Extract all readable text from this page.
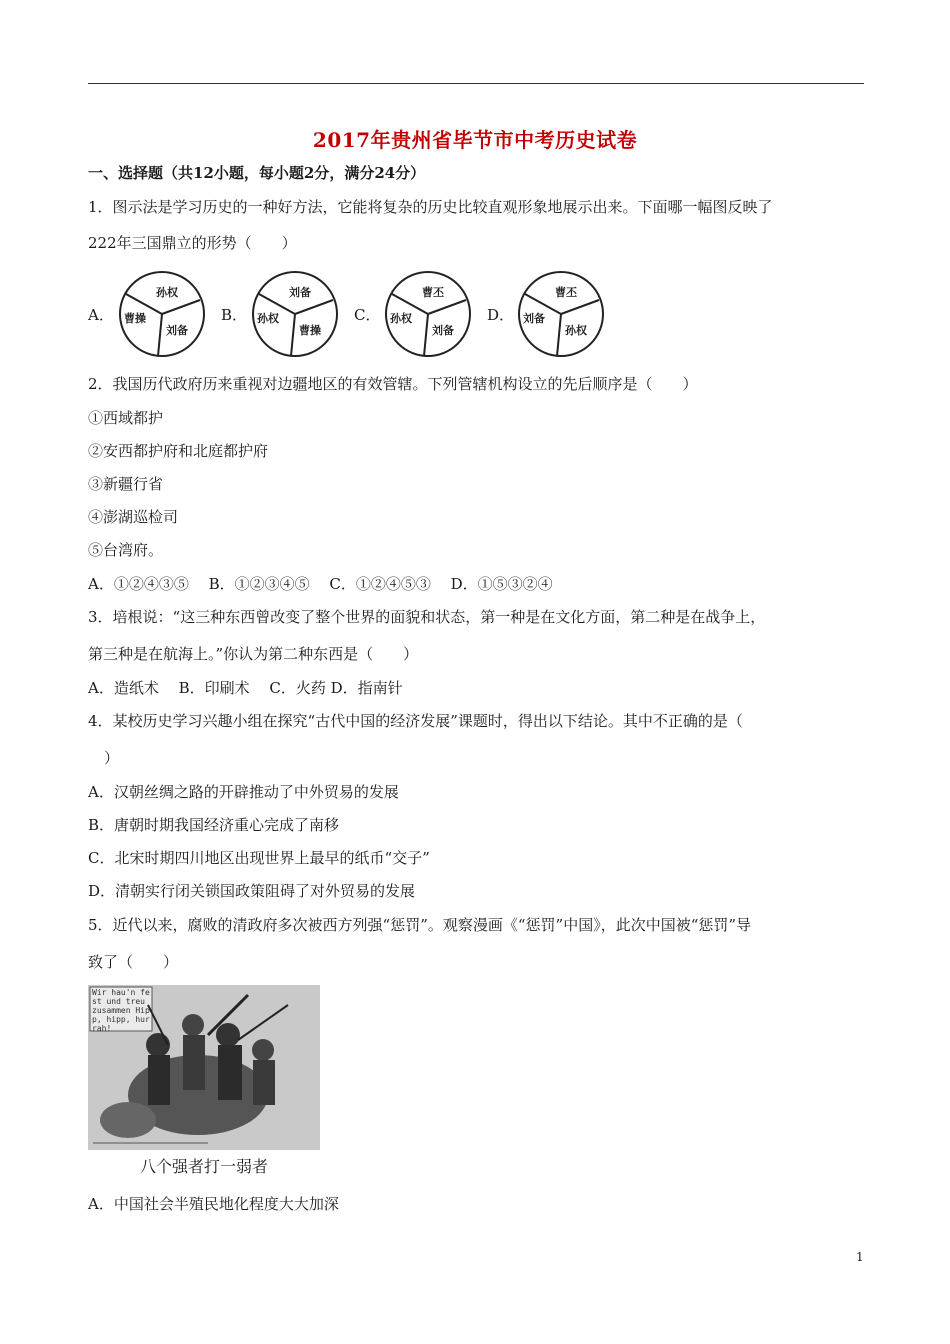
2017年贵州省毕节市中考历史试卷
一、选择题（共12小题，每小题2分，满分24分）
1．图示法是学习历史的一种好方法，它能将复杂的历史比较直观形象地展示出来。下面哪一幅图反映了
222年三国鼎立的形势（　　）
A．
孙权
曹操
刘备
B．
刘备
孙权
曹操
C．
曹丕
孙权
刘备
D．
曹丕
刘备
孙权
2．我国历代政府历来重视对边疆地区的有效管辖。下列管辖机构设立的先后顺序是（　　）
①西域都护
②安西都护府和北庭都护府
③新疆行省
④澎湖巡检司
⑤台湾府。
A．①②④③⑤　 B．①②③④⑤　 C．①②④⑤③　 D．①⑤③②④
3．培根说：“这三种东西曾改变了整个世界的面貌和状态，第一种是在文化方面，第二种是在战争上，
第三种是在航海上。”你认为第二种东西是（　　）
A．造纸术　 B．印刷术　 C．火药 D．指南针
4．某校历史学习兴趣小组在探究“古代中国的经济发展”课题时，得出以下结论。其中不正确的是（
）
A．汉朝丝绸之路的开辟推动了中外贸易的发展
B．唐朝时期我国经济重心完成了南移
C．北宋时期四川地区出现世界上最早的纸币“交子”
D．清朝实行闭关锁国政策阻碍了对外贸易的发展
5．近代以来，腐败的清政府多次被西方列强“惩罚”。观察漫画《“惩罚”中国》，此次中国被“惩罚”导
致了（　　）
Wir hau'n fest und treu zusammen Hipp, hipp, hurrah!
八个强者打一弱者
A．中国社会半殖民地化程度大大加深
1
